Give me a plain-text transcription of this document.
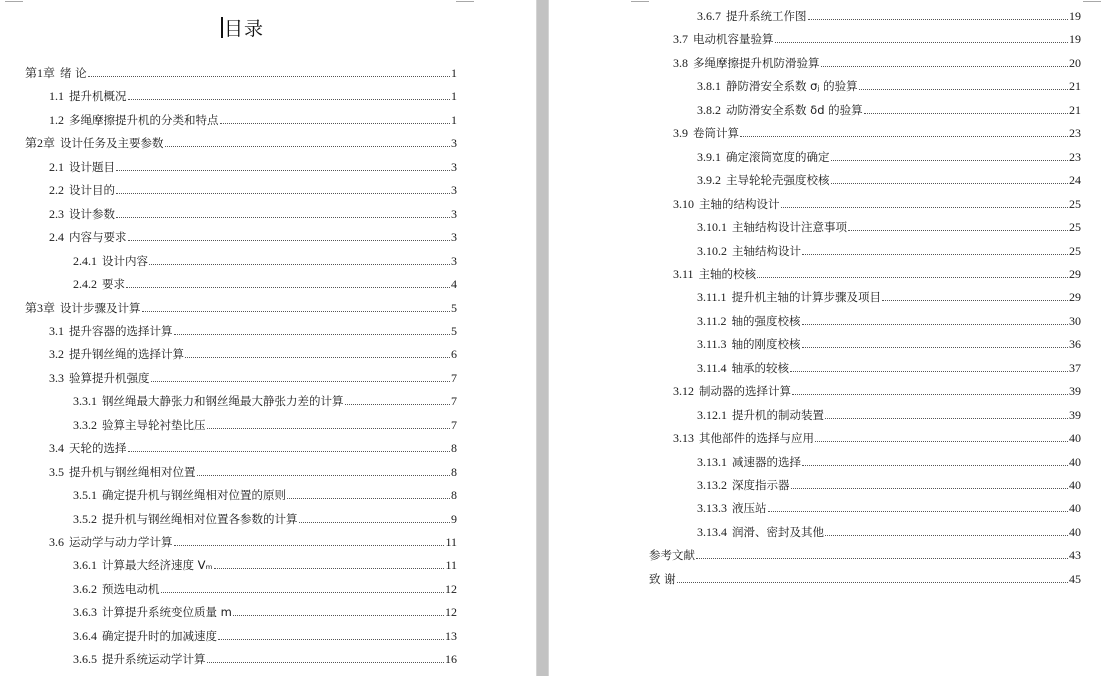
目录
第1章 绪 论	1
1.1 提升机概况	1
1.2 多绳摩擦提升机的分类和特点	1
第2章 设计任务及主要参数	3
2.1 设计题目	3
2.2 设计目的	3
2.3 设计参数	3
2.4 内容与要求	3
2.4.1 设计内容	3
2.4.2 要求	4
第3章 设计步骤及计算	5
3.1 提升容器的选择计算	5
3.2 提升钢丝绳的选择计算	6
3.3 验算提升机强度	7
3.3.1 钢丝绳最大静张力和钢丝绳最大静张力差的计算	7
3.3.2 验算主导轮衬垫比压	7
3.4 天轮的选择	8
3.5 提升机与钢丝绳相对位置	8
3.5.1 确定提升机与钢丝绳相对位置的原则	8
3.5.2 提升机与钢丝绳相对位置各参数的计算	9
3.6 运动学与动力学计算	11
3.6.1 计算最大经济速度 Vₘ	11
3.6.2 预选电动机	12
3.6.3 计算提升系统变位质量 m	12
3.6.4 确定提升时的加减速度	13
3.6.5 提升系统运动学计算	16
3.6.7 提升系统工作图	19
3.7 电动机容量验算	19
3.8 多绳摩擦提升机防滑验算	20
3.8.1 静防滑安全系数 σⱼ 的验算	21
3.8.2 动防滑安全系数 δd 的验算	21
3.9 卷筒计算	23
3.9.1 确定滚筒宽度的确定	23
3.9.2 主导轮轮壳强度校核	24
3.10 主轴的结构设计	25
3.10.1 主轴结构设计注意事项	25
3.10.2 主轴结构设计	25
3.11 主轴的校核	29
3.11.1 提升机主轴的计算步骤及项目	29
3.11.2 轴的强度校核	30
3.11.3 轴的刚度校核	36
3.11.4 轴承的较核	37
3.12 制动器的选择计算	39
3.12.1 提升机的制动装置	39
3.13 其他部件的选择与应用	40
3.13.1 减速器的选择	40
3.13.2 深度指示器	40
3.13.3 液压站	40
3.13.4 润滑、密封及其他	40
参考文献	43
致 谢	45
